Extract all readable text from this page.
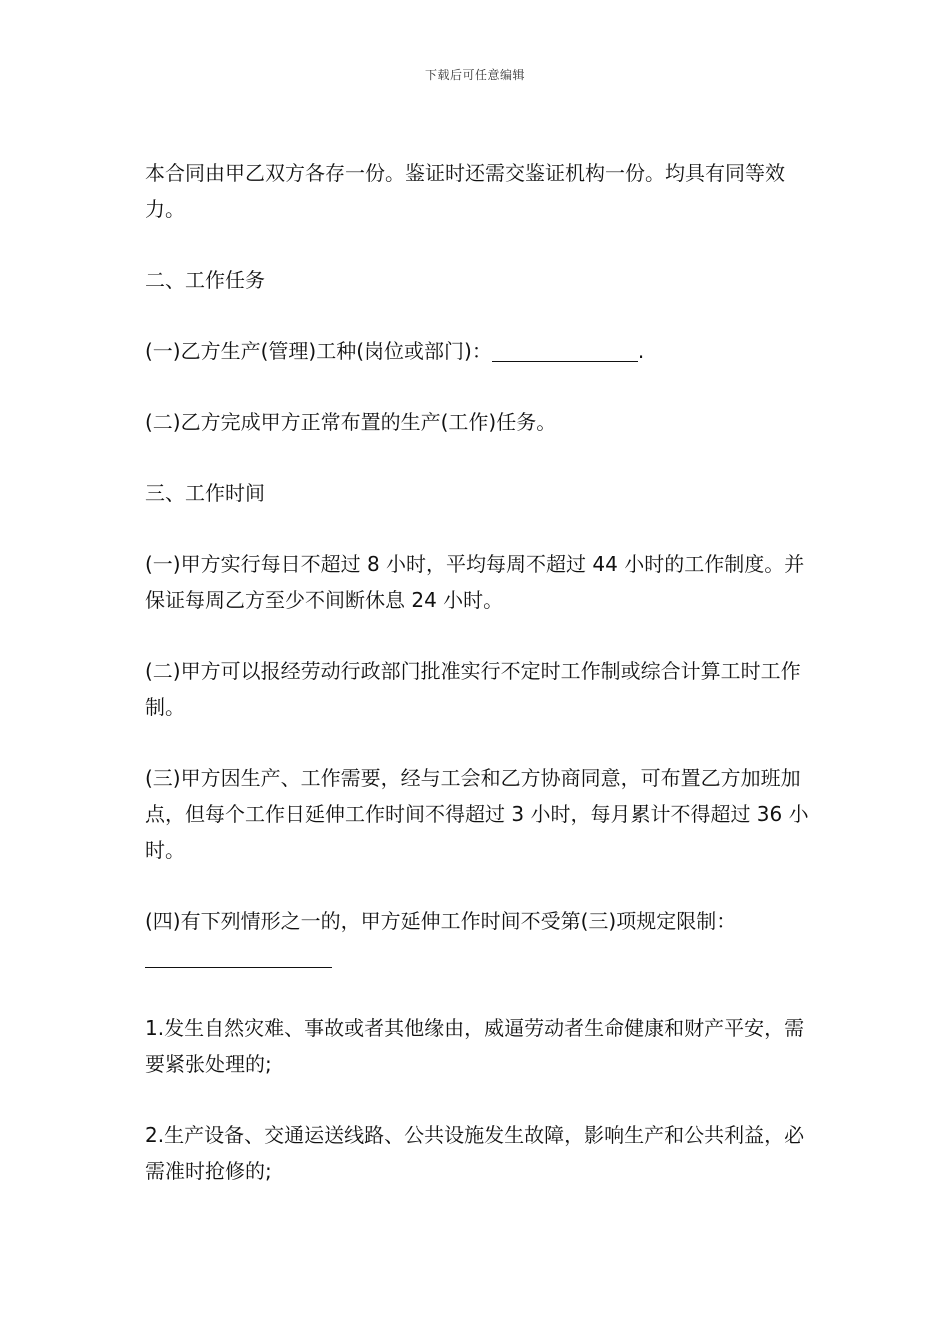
下载后可任意编辑

本合同由甲乙双方各存一份。鉴证时还需交鉴证机构一份。均具有同等效力。

二、工作任务

(一)乙方生产(管理)工种(岗位或部门)：	.

(二)乙方完成甲方正常布置的生产(工作)任务。

三、工作时间

(一)甲方实行每日不超过 8 小时，平均每周不超过 44 小时的工作制度。并保证每周乙方至少不间断休息 24 小时。

(二)甲方可以报经劳动行政部门批准实行不定时工作制或综合计算工时工作制。

(三)甲方因生产、工作需要，经与工会和乙方协商同意，可布置乙方加班加点，但每个工作日延伸工作时间不得超过 3 小时，每月累计不得超过 36 小时。

(四)有下列情形之一的，甲方延伸工作时间不受第(三)项规定限制：

1.发生自然灾难、事故或者其他缘由，威逼劳动者生命健康和财产平安，需要紧张处理的;

2.生产设备、交通运送线路、公共设施发生故障，影响生产和公共利益，必需准时抢修的;
